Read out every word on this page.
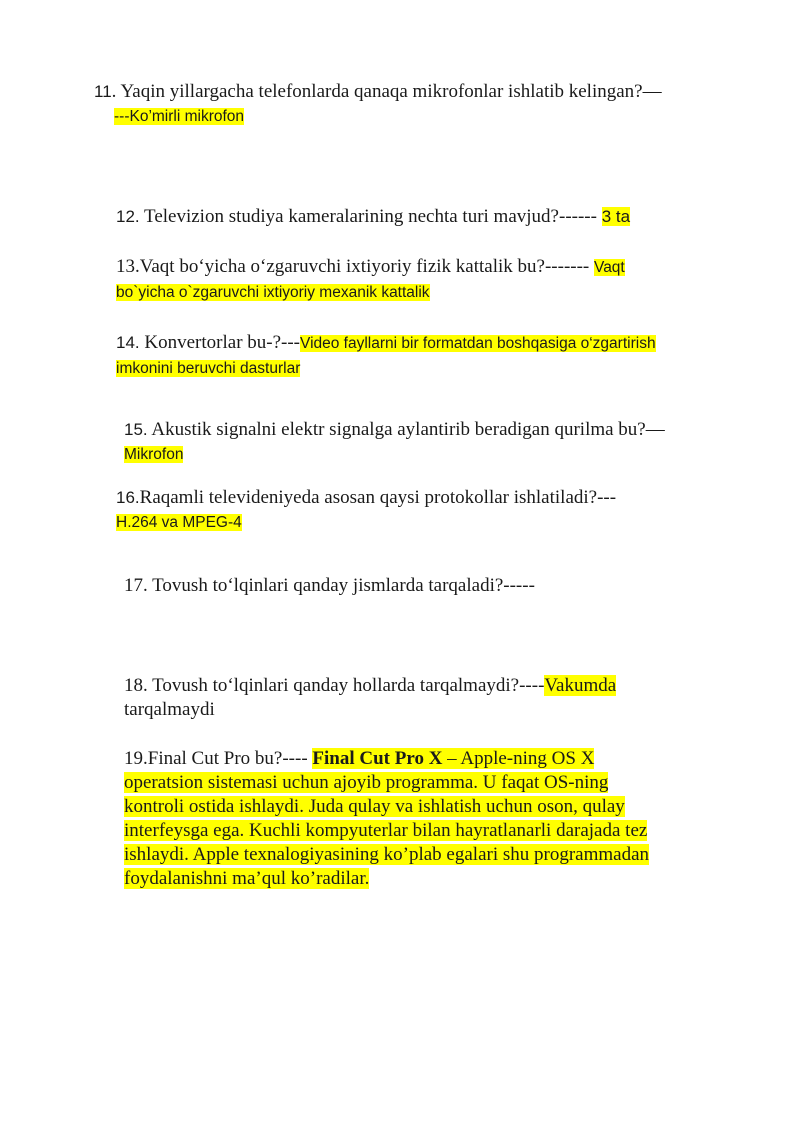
11. Yaqin yillargacha telefonlarda qanaqa mikrofonlar ishlatib kelingan?—
---Ko’mirli mikrofon
12. Televizion studiya kameralarining nechta turi mavjud?------ 3 ta
13.Vaqt bo‘yicha o‘zgaruvchi ixtiyoriy fizik kattalik bu?------- Vaqt
bo`yicha o`zgaruvchi ixtiyoriy mexanik kattalik
14. Konvertorlar bu-?---Video fayllarni bir formatdan boshqasiga o‘zgartirish
imkonini beruvchi dasturlar
15. Akustik signalni elektr signalga aylantirib beradigan qurilma bu?—
Mikrofon
16.Raqamli televideniyeda asosan qaysi protokollar ishlatiladi?---
H.264 va MPEG-4
17. Tovush to‘lqinlari qanday jismlarda tarqaladi?-----
18. Tovush to‘lqinlari qanday hollarda tarqalmaydi?----Vakumda
tarqalmaydi
19.Final Cut Pro bu?---- Final Cut Pro X – Apple-ning OS X
operatsion sistemasi uchun ajoyib programma. U faqat OS-ning
kontroli ostida ishlaydi. Juda qulay va ishlatish uchun oson, qulay
interfeysga ega. Kuchli kompyuterlar bilan hayratlanarli darajada tez
ishlaydi. Apple texnalogiyasining ko’plab egalari shu programmadan
foydalanishni ma’qul ko’radilar.
